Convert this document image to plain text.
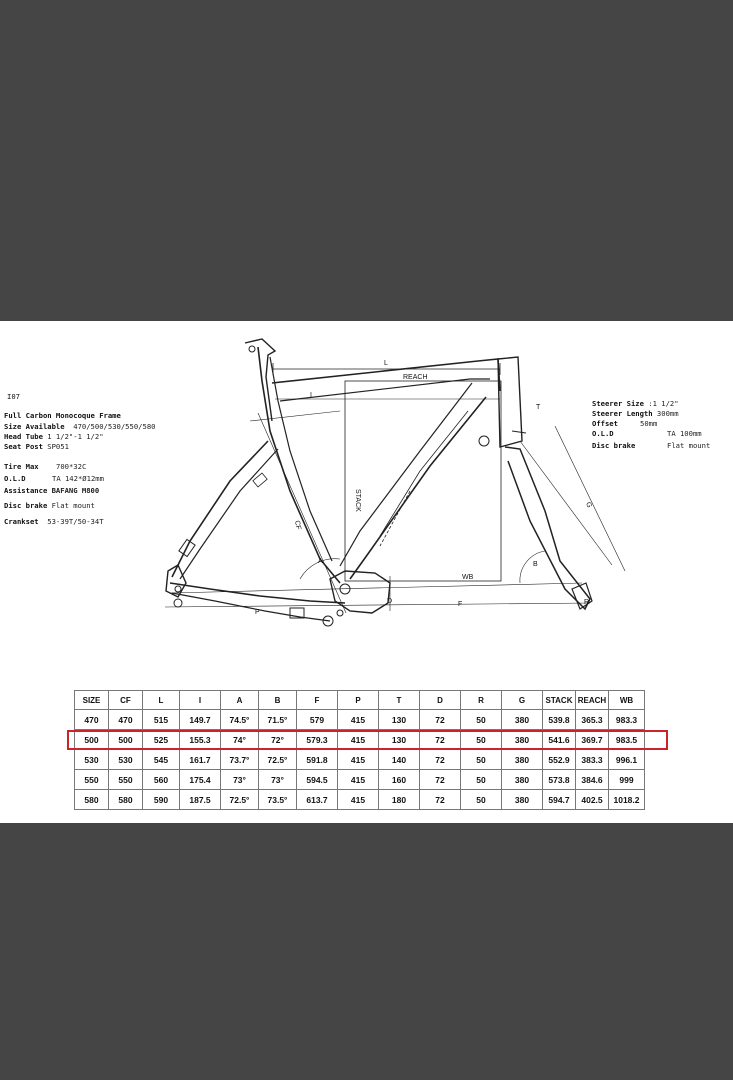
L
REACH
I
T
CF
STACK	G
A	B
WB
F
P
D	R
I07
Full Carbon Monocoque Frame
Size Available 470/500/530/550/580
Head Tube 1 1/2"-1 1/2"
Seat Post SP051
Tire Max 700*32C
O.L.D	TA 142*Ø12mm
Assistance BAFANG M800
Disc brake Flat mount
Crankset 53-39T/50-34T
Steerer Size :1 1/2"
Steerer Length 300mm
Offset	50mm
O.L.D	TA 100mm
Disc brake	Flat mount
SIZE	CF	L	I	A	B	F	P	T	D	R	G	STACK	REACH	WB
470	470	515	149.7	74.5°	71.5°	579	415	130	72	50	380	539.8	365.3	983.3
500	500	525	155.3	74°	72°	579.3	415	130	72	50	380	541.6	369.7	983.5
530	530	545	161.7	73.7°	72.5°	591.8	415	140	72	50	380	552.9	383.3	996.1
550	550	560	175.4	73°	73°	594.5	415	160	72	50	380	573.8	384.6	999
580	580	590	187.5	72.5°	73.5°	613.7	415	180	72	50	380	594.7	402.5	1018.2
